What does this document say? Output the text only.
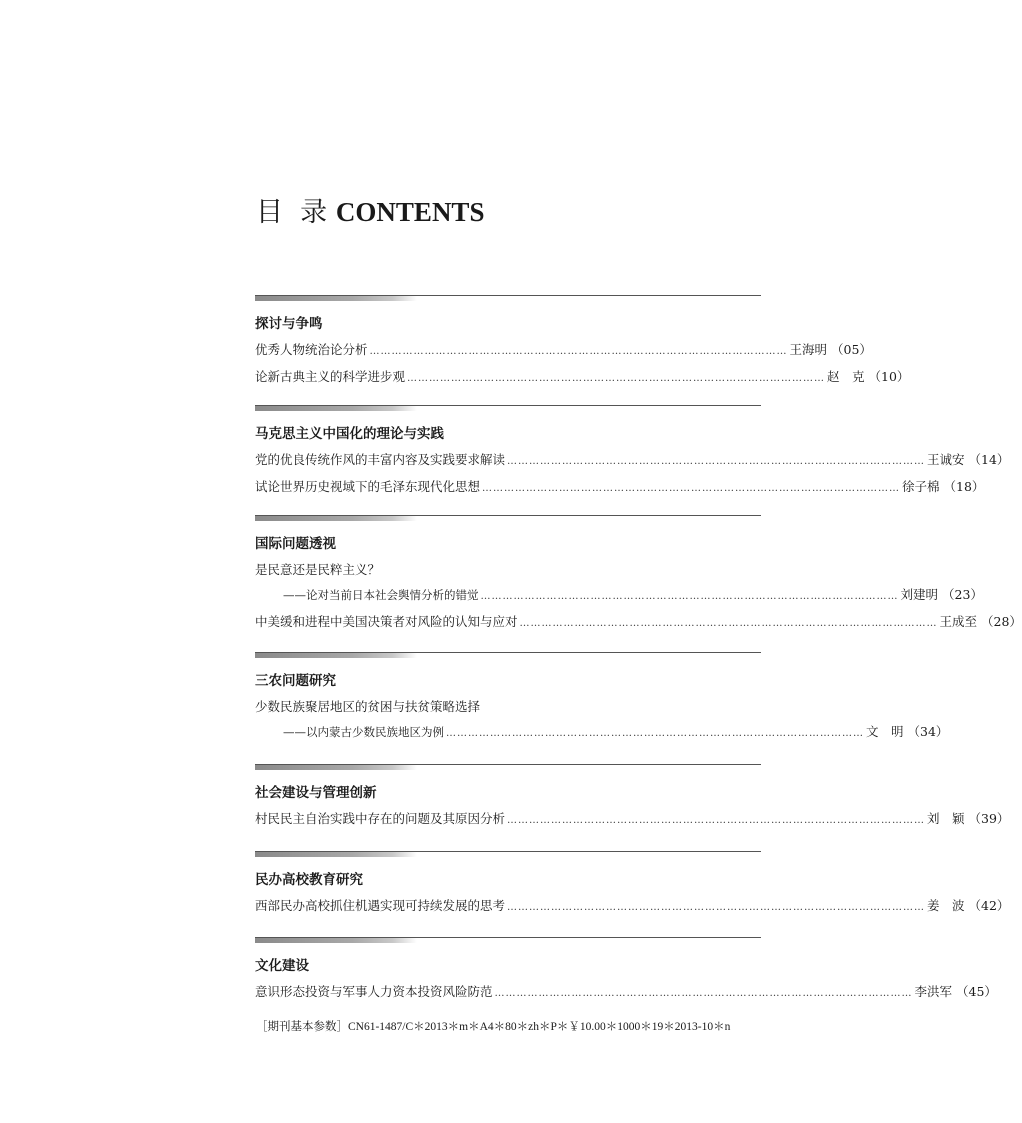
目  录 CONTENTS
探讨与争鸣
优秀人物统治论分析 …………………………………………………………………………………………………… 王海明 （05）
论新古典主义的科学进步观 …………………………………………………………………………………………………… 赵　克 （10）
马克思主义中国化的理论与实践
党的优良传统作风的丰富内容及实践要求解读 …………………………………………………………………………………………………… 王诚安 （14）
试论世界历史视域下的毛泽东现代化思想 …………………………………………………………………………………………………… 徐子棉 （18）
国际问题透视
是民意还是民粹主义？
——论对当前日本社会舆情分析的错觉 …………………………………………………………………………………………………… 刘建明 （23）
中美缓和进程中美国决策者对风险的认知与应对 …………………………………………………………………………………………………… 王成至 （28）
三农问题研究
少数民族聚居地区的贫困与扶贫策略选择
——以内蒙古少数民族地区为例 …………………………………………………………………………………………………… 文　明 （34）
社会建设与管理创新
村民民主自治实践中存在的问题及其原因分析 …………………………………………………………………………………………………… 刘　颖 （39）
民办高校教育研究
西部民办高校抓住机遇实现可持续发展的思考 …………………………………………………………………………………………………… 姜　波 （42）
文化建设
意识形态投资与军事人力资本投资风险防范 …………………………………………………………………………………………………… 李洪军 （45）
［期刊基本参数］CN61-1487/C＊2013＊m＊A4＊80＊zh＊P＊￥10.00＊1000＊19＊2013-10＊n
